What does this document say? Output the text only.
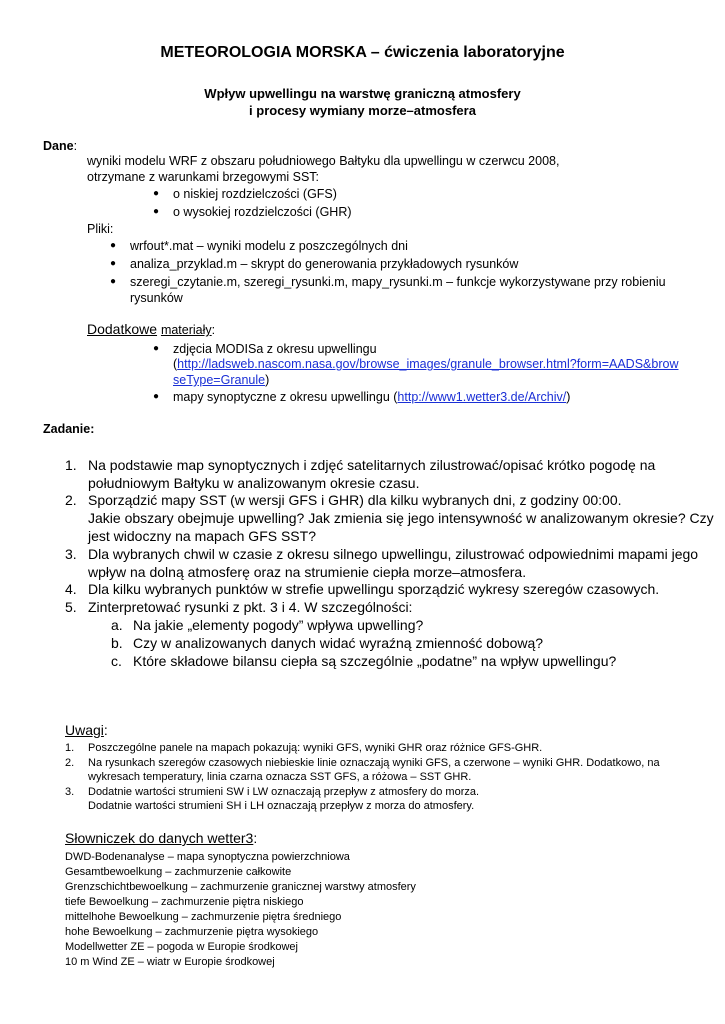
METEOROLOGIA MORSKA – ćwiczenia laboratoryjne
Wpływ upwellingu na warstwę graniczną atmosfery
i procesy wymiany morze–atmosfera
Dane:
wyniki modelu WRF z obszaru południowego Bałtyku dla upwellingu w czerwcu 2008,
otrzymane z warunkami brzegowymi SST:
● o niskiej rozdzielczości (GFS)
● o wysokiej rozdzielczości (GHR)
Pliki:
● wrfout*.mat – wyniki modelu z poszczególnych dni
● analiza_przyklad.m – skrypt do generowania przykładowych rysunków
● szeregi_czytanie.m, szeregi_rysunki.m, mapy_rysunki.m – funkcje wykorzystywane przy robieniu
rysunków
Dodatkowe materiały:
● zdjęcia MODISa z okresu upwellingu
(http://ladsweb.nascom.nasa.gov/browse_images/granule_browser.html?form=AADS&brow
seType=Granule)
● mapy synoptyczne z okresu upwellingu (http://www1.wetter3.de/Archiv/)
Zadanie:
1. Na podstawie map synoptycznych i zdjęć satelitarnych zilustrować/opisać krótko pogodę na
południowym Bałtyku w analizowanym okresie czasu.
2. Sporządzić mapy SST (w wersji GFS i GHR) dla kilku wybranych dni, z godziny 00:00.
Jakie obszary obejmuje upwelling? Jak zmienia się jego intensywność w analizowanym okresie? Czy
jest widoczny na mapach GFS SST?
3. Dla wybranych chwil w czasie z okresu silnego upwellingu, zilustrować odpowiednimi mapami jego
wpływ na dolną atmosferę oraz na strumienie ciepła morze–atmosfera.
4. Dla kilku wybranych punktów w strefie upwellingu sporządzić wykresy szeregów czasowych.
5. Zinterpretować rysunki z pkt. 3 i 4. W szczególności:
a. Na jakie „elementy pogody” wpływa upwelling?
b. Czy w analizowanych danych widać wyraźną zmienność dobową?
c. Które składowe bilansu ciepła są szczególnie „podatne” na wpływ upwellingu?
Uwagi:
1. Poszczególne panele na mapach pokazują: wyniki GFS, wyniki GHR oraz różnice GFS-GHR.
2. Na rysunkach szeregów czasowych niebieskie linie oznaczają wyniki GFS, a czerwone – wyniki GHR. Dodatkowo, na
wykresach temperatury, linia czarna oznacza SST GFS, a różowa – SST GHR.
3. Dodatnie wartości strumieni SW i LW oznaczają przepływ z atmosfery do morza.
Dodatnie wartości strumieni SH i LH oznaczają przepływ z morza do atmosfery.
Słowniczek do danych wetter3:
DWD-Bodenanalyse – mapa synoptyczna powierzchniowa
Gesamtbewoelkung – zachmurzenie całkowite
Grenzschichtbewoelkung – zachmurzenie granicznej warstwy atmosfery
tiefe Bewoelkung – zachmurzenie piętra niskiego
mittelhohe Bewoelkung – zachmurzenie piętra średniego
hohe Bewoelkung – zachmurzenie piętra wysokiego
Modellwetter ZE – pogoda w Europie środkowej
10 m Wind ZE – wiatr w Europie środkowej
